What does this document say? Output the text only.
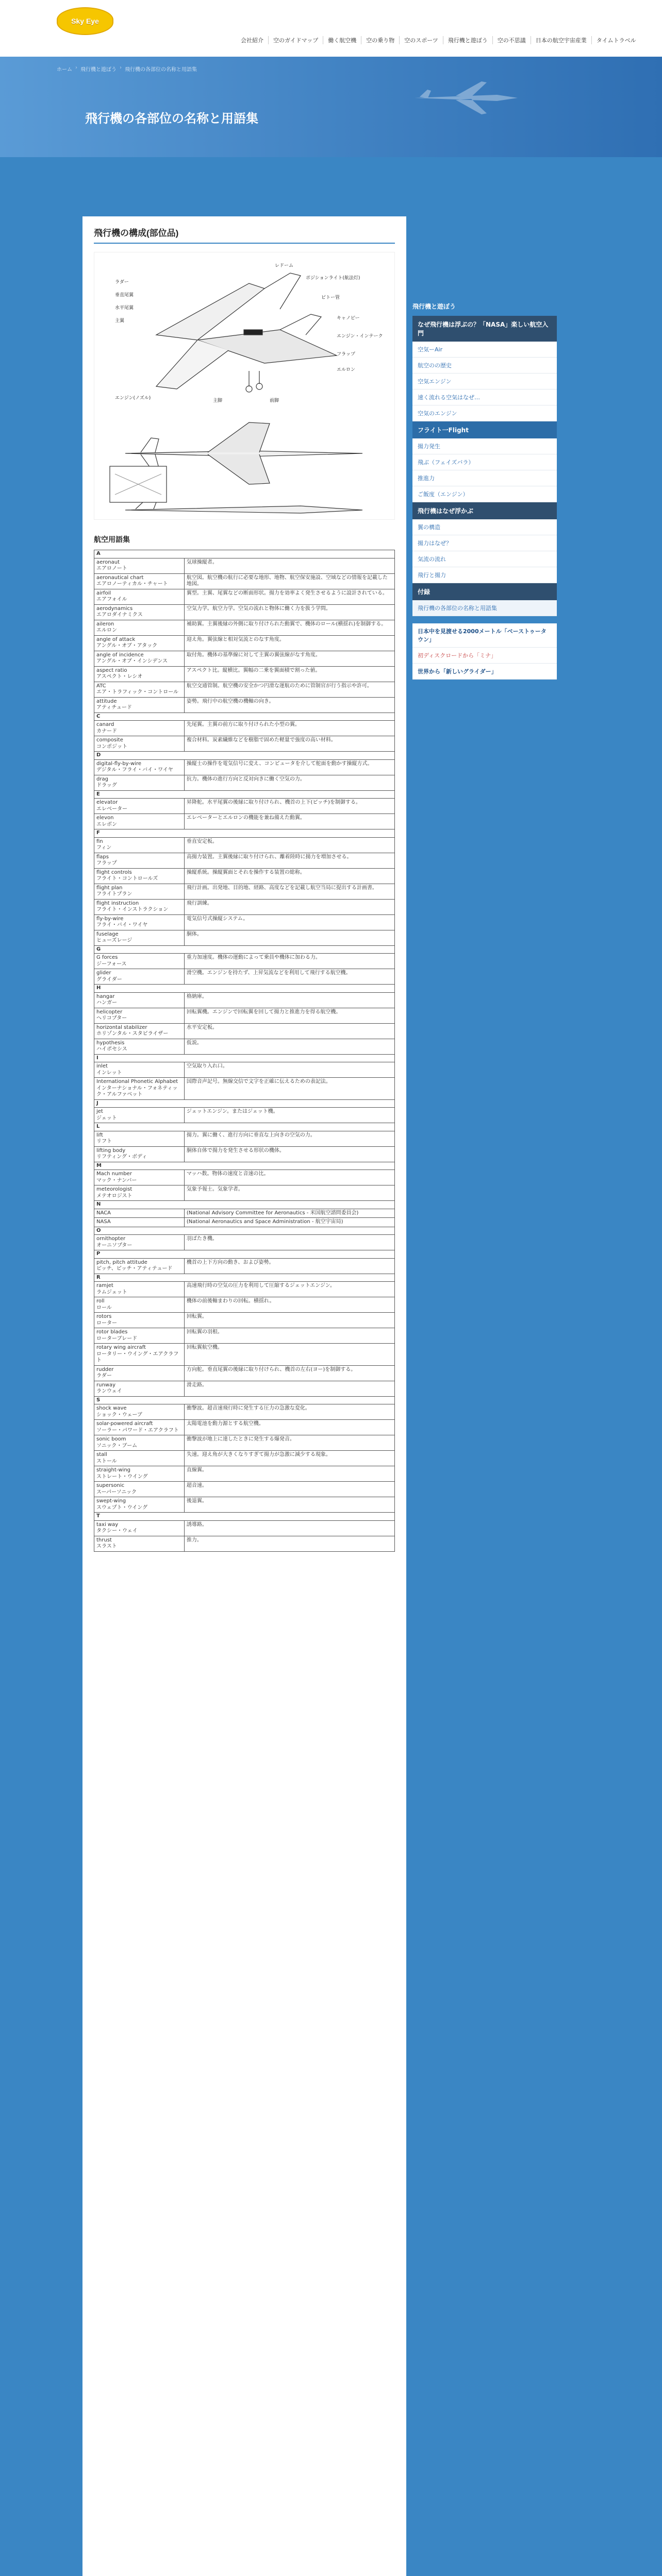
Sky Eye
会社紹介	空のガイドマップ	働く航空機	空の乗り物	空のスポーツ	飛行機と遊ぼう	空の不思議	日本の航空宇宙産業	タイムトラベル
ホーム › 飛行機と遊ぼう › 飛行機の各部位の名称と用語集
飛行機の各部位の名称と用語集
飛行機の構成(部位品)
レドーム
ポジションライト(航法灯)
ピトー管
キャノピー
エンジン・インテーク
フラップ
エルロン
ラダー
垂直尾翼
水平尾翼
主翼
エンジン(ノズル)	主脚	前脚
航空用語集
A	
aeronaut
エアロノート	気球操縦者。
aeronautical chart
エアロノーティカル・チャート	航空図。航空機の航行に必要な地形、地物、航空保安施設、空域などの情報を記載した地図。
airfoil
エアフォイル	翼型。主翼、尾翼などの断面形状。揚力を効率よく発生させるように設計されている。
aerodynamics
エアロダイナミクス	空気力学。航空力学。空気の流れと物体に働く力を扱う学問。
aileron
エルロン	補助翼。主翼後縁の外側に取り付けられた動翼で、機体のロール(横揺れ)を制御する。
angle of attack
アングル・オブ・アタック	迎え角。翼弦線と相対気流とのなす角度。
angle of incidence
アングル・オブ・インシデンス	取付角。機体の基準線に対して主翼の翼弦線がなす角度。
aspect ratio
アスペクト・レシオ	アスペクト比。縦横比。翼幅の二乗を翼面積で割った値。
ATC
エア・トラフィック・コントロール	航空交通管制。航空機の安全かつ円滑な運航のために管制官が行う指示や許可。
attitude
アティチュード	姿勢。飛行中の航空機の機軸の向き。
C	
canard
カナード	先尾翼。主翼の前方に取り付けられた小型の翼。
composite
コンポジット	複合材料。炭素繊維などを樹脂で固めた軽量で強度の高い材料。
D	
digital-fly-by-wire
デジタル・フライ・バイ・ワイヤ	操縦士の操作を電気信号に変え、コンピュータを介して舵面を動かす操縦方式。
drag
ドラッグ	抗力。機体の進行方向と反対向きに働く空気の力。
E	
elevator
エレベーター	昇降舵。水平尾翼の後縁に取り付けられ、機首の上下(ピッチ)を制御する。
elevon
エレボン	エレベーターとエルロンの機能を兼ね備えた動翼。
F	
fin
フィン	垂直安定板。
flaps
フラップ	高揚力装置。主翼後縁に取り付けられ、離着陸時に揚力を増加させる。
flight controls
フライト・コントロールズ	操縦系統。操縦翼面とそれを操作する装置の総称。
flight plan
フライトプラン	飛行計画。出発地、目的地、経路、高度などを記載し航空当局に提出する計画書。
flight instruction
フライト・インストラクション	飛行訓練。
fly-by-wire
フライ・バイ・ワイヤ	電気信号式操縦システム。
fuselage
ヒューズレージ	胴体。
G	
G forces
ジーフォース	重力加速度。機体の運動によって乗員や機体に加わる力。
glider
グライダー	滑空機。エンジンを持たず、上昇気流などを利用して飛行する航空機。
H	
hangar
ハンガー	格納庫。
helicopter
ヘリコプター	回転翼機。エンジンで回転翼を回して揚力と推進力を得る航空機。
horizontal stabilizer
ホリゾンタル・スタビライザー	水平安定板。
hypothesis
ハイポセシス	仮説。
I	
inlet
インレット	空気取り入れ口。
International Phonetic Alphabet
インターナショナル・フォネティック・アルファベット	国際音声記号。無線交信で文字を正確に伝えるための表記法。
J	
jet
ジェット	ジェットエンジン。またはジェット機。
L	
lift
リフト	揚力。翼に働く、進行方向に垂直な上向きの空気の力。
lifting body
リフティング・ボディ	胴体自体で揚力を発生させる形状の機体。
M	
Mach number
マック・ナンバー	マッハ数。物体の速度と音速の比。
meteorologist
メテオロジスト	気象予報士。気象学者。
N	
NACA	(National Advisory Committee for Aeronautics - 米国航空諮問委員会)
NASA	(National Aeronautics and Space Administration - 航空宇宙局)
O	
ornithopter
オーニソプター	羽ばたき機。
P	
pitch, pitch attitude
ピッチ、ピッチ・アティテュード	機首の上下方向の動き、および姿勢。
R	
ramjet
ラムジェット	高速飛行時の空気の圧力を利用して圧縮するジェットエンジン。
roll
ロール	機体の前後軸まわりの回転。横揺れ。
rotors
ローター	回転翼。
rotor blades
ローターブレード	回転翼の羽根。
rotary wing aircraft
ロータリー・ウイング・エアクラフト	回転翼航空機。
rudder
ラダー	方向舵。垂直尾翼の後縁に取り付けられ、機首の左右(ヨー)を制御する。
runway
ランウェイ	滑走路。
S	
shock wave
ショック・ウェーブ	衝撃波。超音速飛行時に発生する圧力の急激な変化。
solar-powered aircraft
ソーラー・パワード・エアクラフト	太陽電池を動力源とする航空機。
sonic boom
ソニック・ブーム	衝撃波が地上に達したときに発生する爆発音。
stall
ストール	失速。迎え角が大きくなりすぎて揚力が急激に減少する現象。
straight-wing
ストレート・ウイング	直線翼。
supersonic
スーパーソニック	超音速。
swept-wing
スウェプト・ウイング	後退翼。
T	
taxi way
タクシー・ウェイ	誘導路。
thrust
スラスト	推力。
飛行機と遊ぼう
なぜ飛行機は浮ぶの？「NASA」楽しい航空入門
空気ーAir
航空のの歴史
空気エンジン
速く流れる空気はなぜ…
空気のエンジン
フライト一Flight
揚力発生
飛ぶ（フェイズバラ）
推進力
ご飯度（エンジン）
飛行機はなぜ浮かぶ
翼の構造
揚力はなぜ？
気流の流れ
飛行と揚力
付録
飛行機の各部位の名称と用語集
日本中を見渡せる2000メートル「ベーストゥータウン」
初ディスクロードから「ミナ」
世界から「新しいグライダー」
